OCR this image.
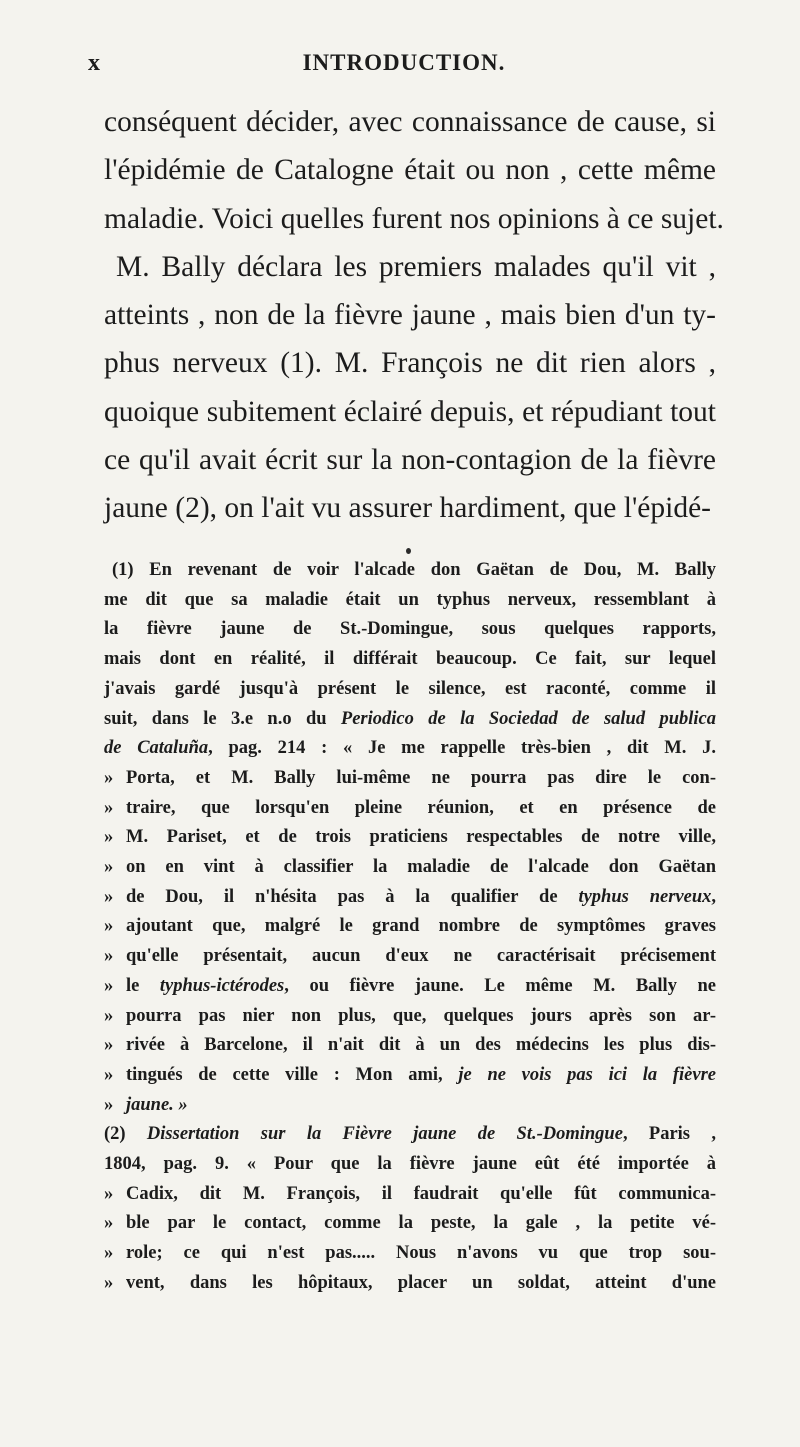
x	INTRODUCTION.
conséquent décider, avec connaissance de cause, si
l'épidémie de Catalogne était ou non , cette même
maladie. Voici quelles furent nos opinions à ce sujet.
M. Bally déclara les premiers malades qu'il vit ,
atteints , non de la fièvre jaune , mais bien d'un ty-
phus nerveux (1). M. François ne dit rien alors ,
quoique subitement éclairé depuis, et répudiant tout
ce qu'il avait écrit sur la non-contagion de la fièvre
jaune (2), on l'ait vu assurer hardiment, que l'épidé-
(1) En revenant de voir l'alcade don Gaëtan de Dou, M. Bally
me dit que sa maladie était un typhus nerveux, ressemblant à
la fièvre jaune de St.-Domingue, sous quelques rapports,
mais dont en réalité, il différait beaucoup. Ce fait, sur lequel
j'avais gardé jusqu'à présent le silence, est raconté, comme il
suit, dans le 3.e n.o du Periodico de la Sociedad de salud publica
de Cataluña, pag. 214 : « Je me rappelle très-bien , dit M. J.
» Porta, et M. Bally lui-même ne pourra pas dire le con-
» traire, que lorsqu'en pleine réunion, et en présence de
» M. Pariset, et de trois praticiens respectables de notre ville,
» on en vint à classifier la maladie de l'alcade don Gaëtan
» de Dou, il n'hésita pas à la qualifier de typhus nerveux,
» ajoutant que, malgré le grand nombre de symptômes graves
» qu'elle présentait, aucun d'eux ne caractérisait précisement
» le typhus-ictérodes, ou fièvre jaune. Le même M. Bally ne
» pourra pas nier non plus, que, quelques jours après son ar-
» rivée à Barcelone, il n'ait dit à un des médecins les plus dis-
» tingués de cette ville : Mon ami, je ne vois pas ici la fièvre
» jaune. »
(2) Dissertation sur la Fièvre jaune de St.-Domingue, Paris ,
1804, pag. 9. « Pour que la fièvre jaune eût été importée à
» Cadix, dit M. François, il faudrait qu'elle fût communica-
» ble par le contact, comme la peste, la gale , la petite vé-
» role; ce qui n'est pas..... Nous n'avons vu que trop sou-
» vent, dans les hôpitaux, placer un soldat, atteint d'une
